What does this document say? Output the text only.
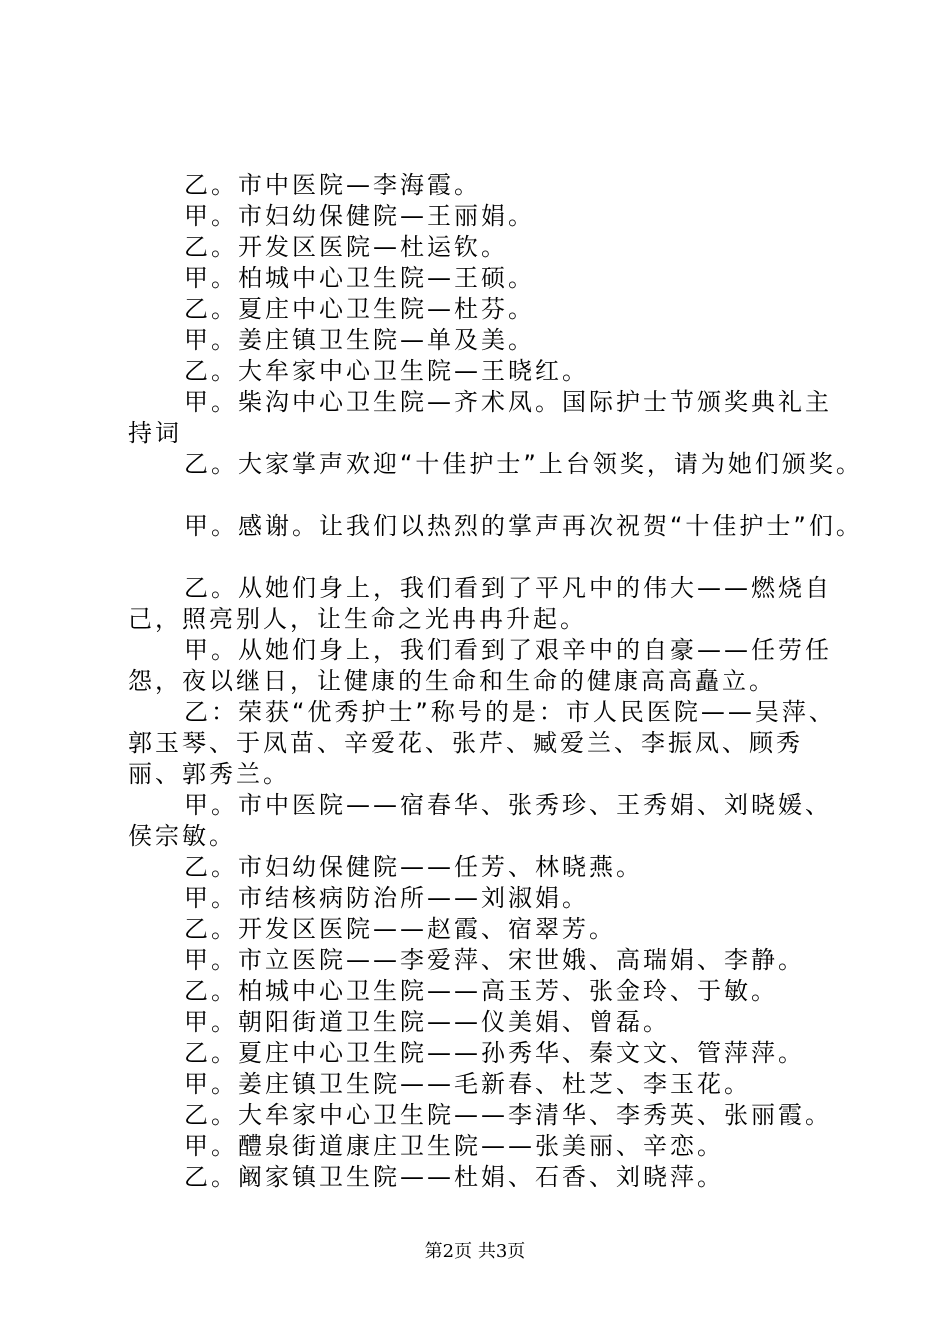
乙。市中医院—李海霞。

甲。市妇幼保健院—王丽娟。

乙。开发区医院—杜运钦。

甲。柏城中心卫生院—王硕。

乙。夏庄中心卫生院—杜芬。

甲。姜庄镇卫生院—单及美。

乙。大牟家中心卫生院—王晓红。

甲。柴沟中心卫生院—齐术凤。国际护士节颁奖典礼主持词

乙。大家掌声欢迎“十佳护士”上台领奖，请为她们颁奖。

甲。感谢。让我们以热烈的掌声再次祝贺“十佳护士”们。

乙。从她们身上，我们看到了平凡中的伟大——燃烧自己，照亮别人，让生命之光冉冉升起。

甲。从她们身上，我们看到了艰辛中的自豪——任劳任怨，夜以继日，让健康的生命和生命的健康高高矗立。

乙：荣获“优秀护士”称号的是：市人民医院——吴萍、郭玉琴、于凤苗、辛爱花、张芹、臧爱兰、李振凤、顾秀丽、郭秀兰。

甲。市中医院——宿春华、张秀珍、王秀娟、刘晓媛、侯宗敏。

乙。市妇幼保健院——任芳、林晓燕。

甲。市结核病防治所——刘淑娟。

乙。开发区医院——赵霞、宿翠芳。

甲。市立医院——李爱萍、宋世娥、高瑞娟、李静。

乙。柏城中心卫生院——高玉芳、张金玲、于敏。

甲。朝阳街道卫生院——仪美娟、曾磊。

乙。夏庄中心卫生院——孙秀华、秦文文、管萍萍。

甲。姜庄镇卫生院——毛新春、杜芝、李玉花。

乙。大牟家中心卫生院——李清华、李秀英、张丽霞。

甲。醴泉街道康庄卫生院——张美丽、辛恋。

乙。阚家镇卫生院——杜娟、石香、刘晓萍。

第2页 共3页
